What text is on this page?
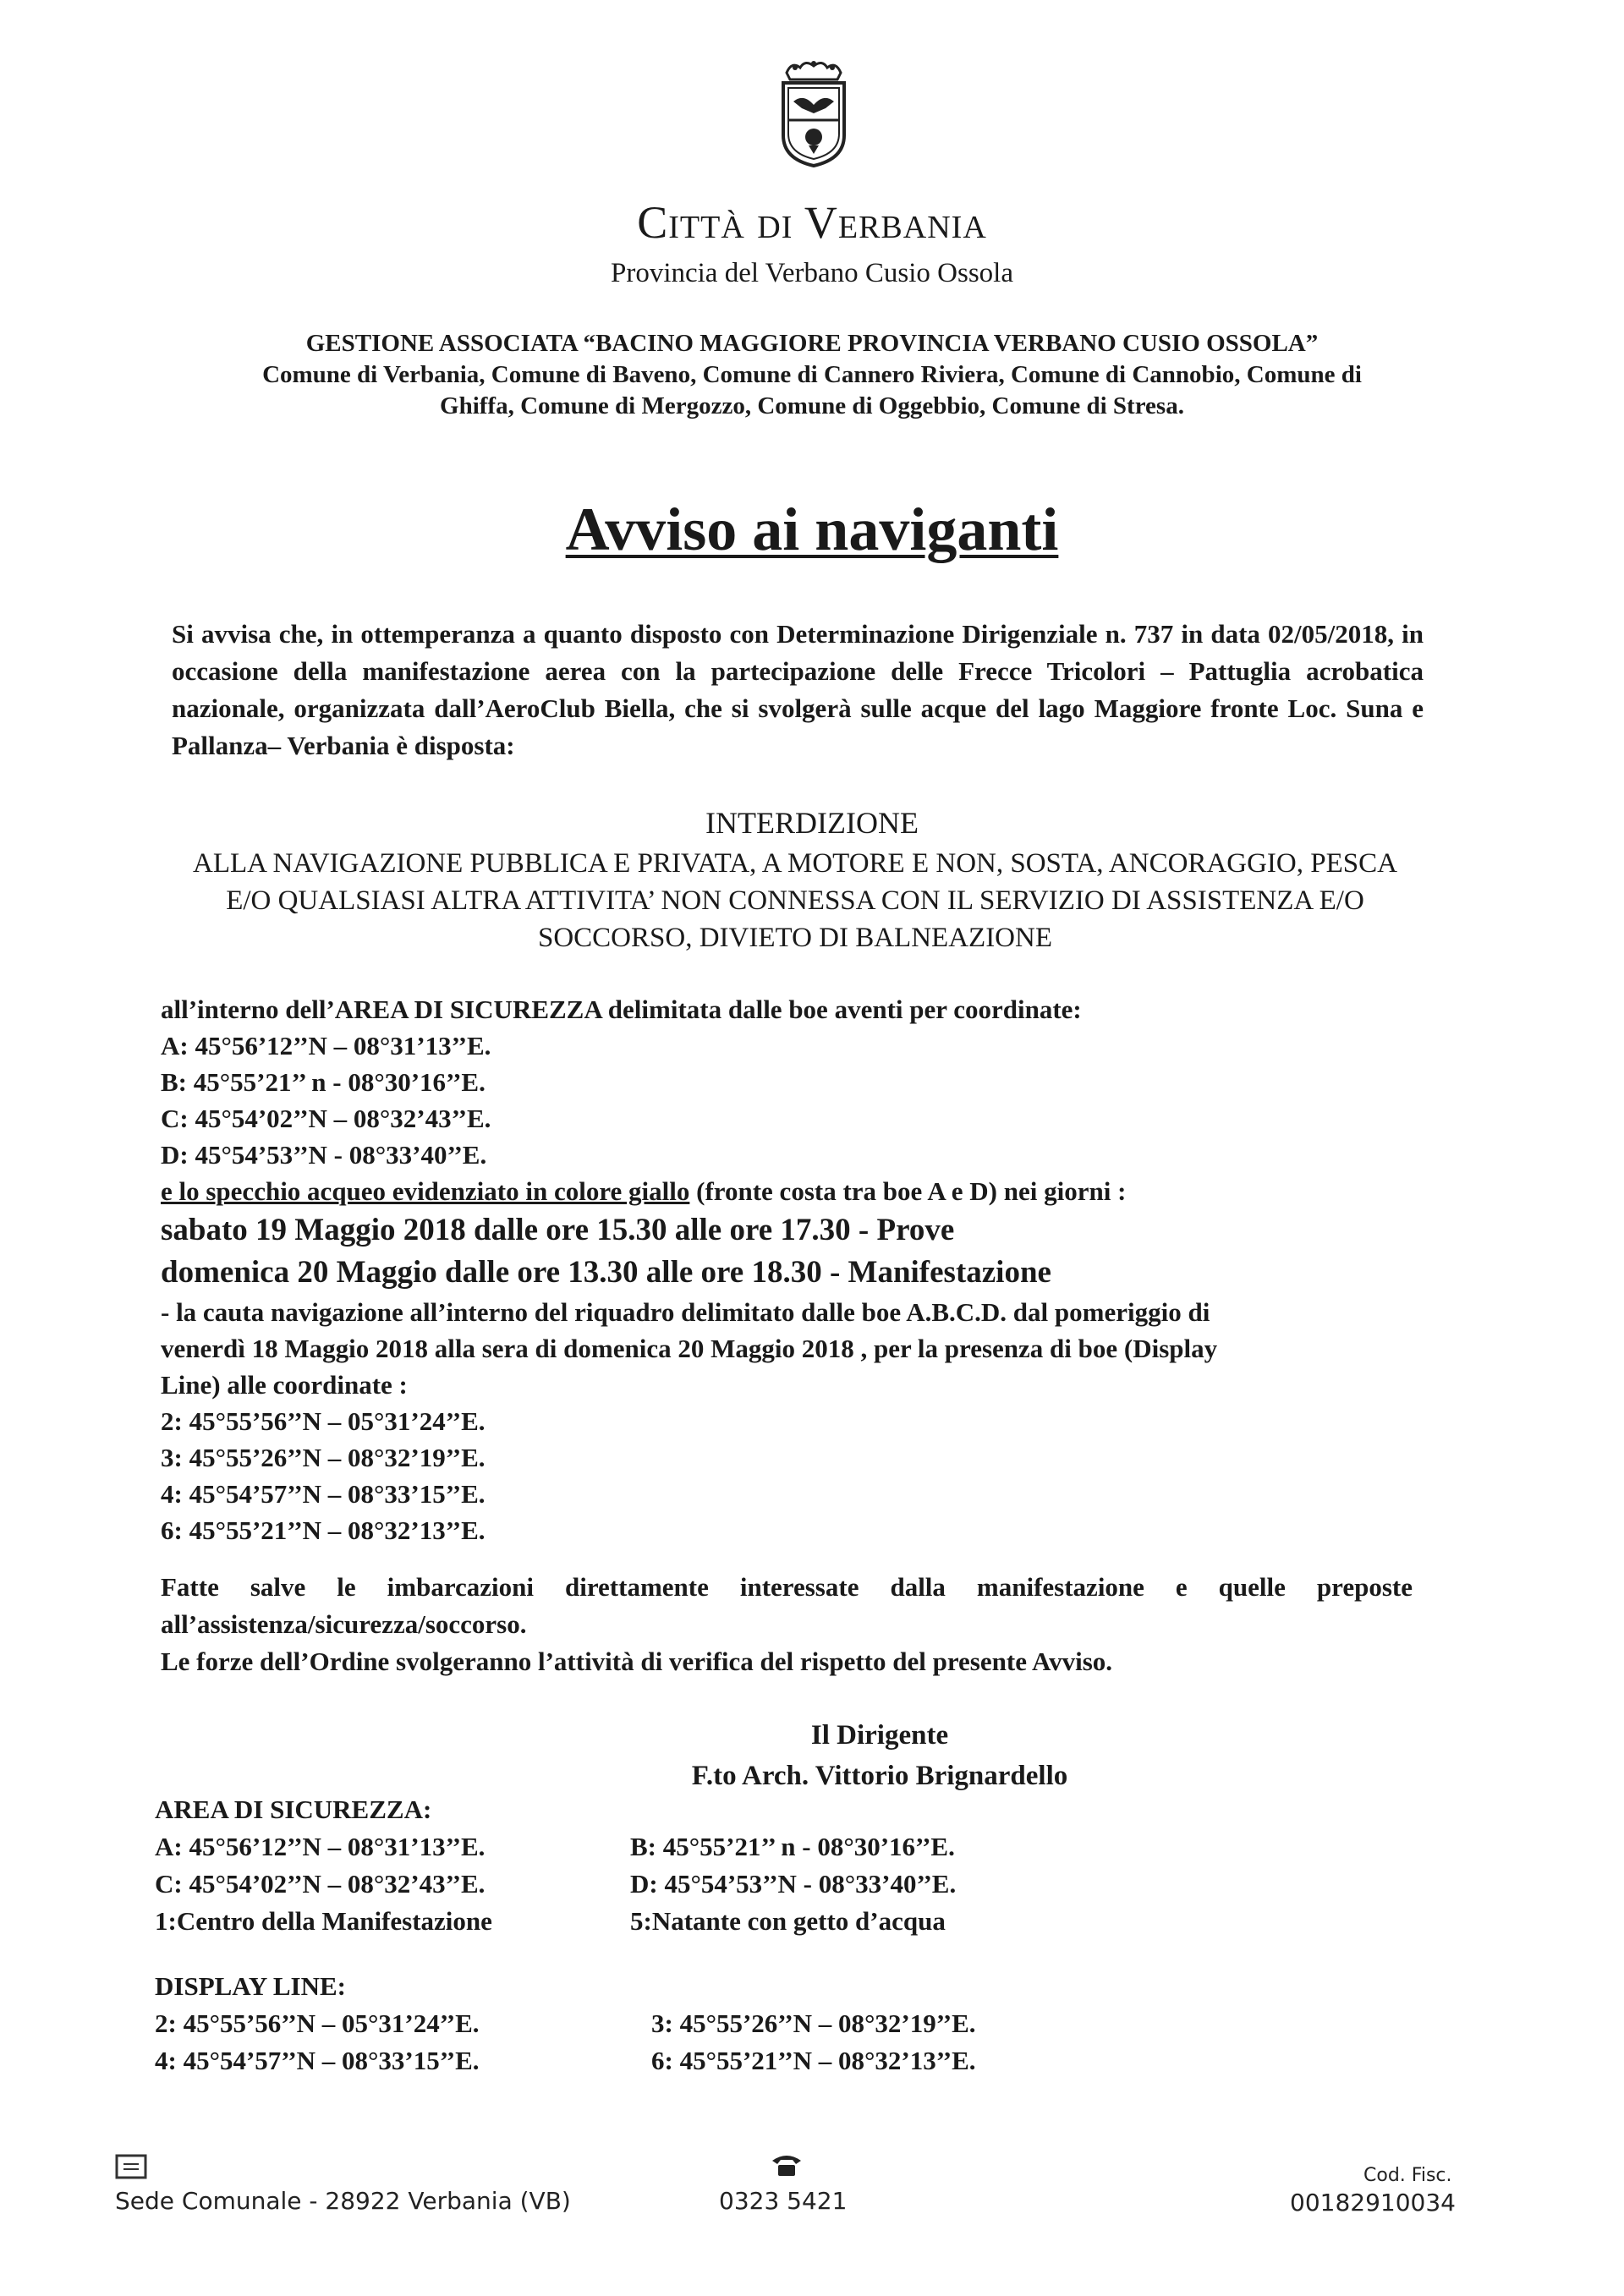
Città di Verbania
Provincia del Verbano Cusio Ossola
GESTIONE ASSOCIATA “BACINO MAGGIORE PROVINCIA VERBANO CUSIO OSSOLA”
Comune di Verbania, Comune di Baveno, Comune di Cannero Riviera, Comune di Cannobio, Comune di
Ghiffa, Comune di Mergozzo, Comune di Oggebbio, Comune di Stresa.
Avviso ai naviganti
Si avvisa che, in ottemperanza a quanto disposto con Determinazione Dirigenziale n. 737 in data 02/05/2018, in occasione della manifestazione aerea con la partecipazione delle Frecce Tricolori – Pattuglia acrobatica nazionale, organizzata dall’AeroClub Biella, che si svolgerà sulle acque del lago Maggiore fronte Loc. Suna e Pallanza– Verbania è disposta:
INTERDIZIONE
ALLA NAVIGAZIONE PUBBLICA E PRIVATA, A MOTORE E NON, SOSTA, ANCORAGGIO, PESCA E/O QUALSIASI ALTRA ATTIVITA’ NON CONNESSA CON IL SERVIZIO DI ASSISTENZA E/O SOCCORSO, DIVIETO DI BALNEAZIONE
all’interno dell’AREA DI SICUREZZA delimitata dalle boe aventi per coordinate:
A: 45°56’12’’N – 08°31’13’’E.
B: 45°55’21’’ n - 08°30’16’’E.
C: 45°54’02’’N – 08°32’43’’E.
D: 45°54’53’’N - 08°33’40’’E.
e lo specchio acqueo evidenziato in colore giallo (fronte costa tra boe A e D) nei giorni :
sabato 19 Maggio 2018 dalle ore 15.30 alle ore 17.30 - Prove
domenica 20 Maggio dalle ore 13.30 alle ore 18.30 - Manifestazione
- la cauta navigazione all’interno del riquadro delimitato dalle boe A.B.C.D. dal pomeriggio di
venerdì 18 Maggio 2018 alla sera di domenica 20 Maggio 2018 , per la presenza di boe (Display
Line) alle coordinate :
2: 45°55’56’’N – 05°31’24’’E.
3: 45°55’26’’N – 08°32’19’’E.
4: 45°54’57’’N – 08°33’15’’E.
6: 45°55’21’’N – 08°32’13’’E.
Fatte salve le imbarcazioni direttamente interessate dalla manifestazione e quelle preposte all’assistenza/sicurezza/soccorso.
Le forze dell’Ordine svolgeranno l’attività di verifica del rispetto del presente Avviso.
Il Dirigente
F.to Arch. Vittorio Brignardello
AREA DI SICUREZZA:
A: 45°56’12’’N – 08°31’13’’E.
C: 45°54’02’’N – 08°32’43’’E.
1:Centro della Manifestazione
B: 45°55’21’’ n - 08°30’16’’E.
D: 45°54’53’’N - 08°33’40’’E.
5:Natante con getto d’acqua
DISPLAY LINE:
2: 45°55’56’’N – 05°31’24’’E.
4: 45°54’57’’N – 08°33’15’’E.
3: 45°55’26’’N – 08°32’19’’E.
6: 45°55’21’’N – 08°32’13’’E.
Sede Comunale - 28922 Verbania (VB)	0323 5421
Cod. Fisc.
00182910034
